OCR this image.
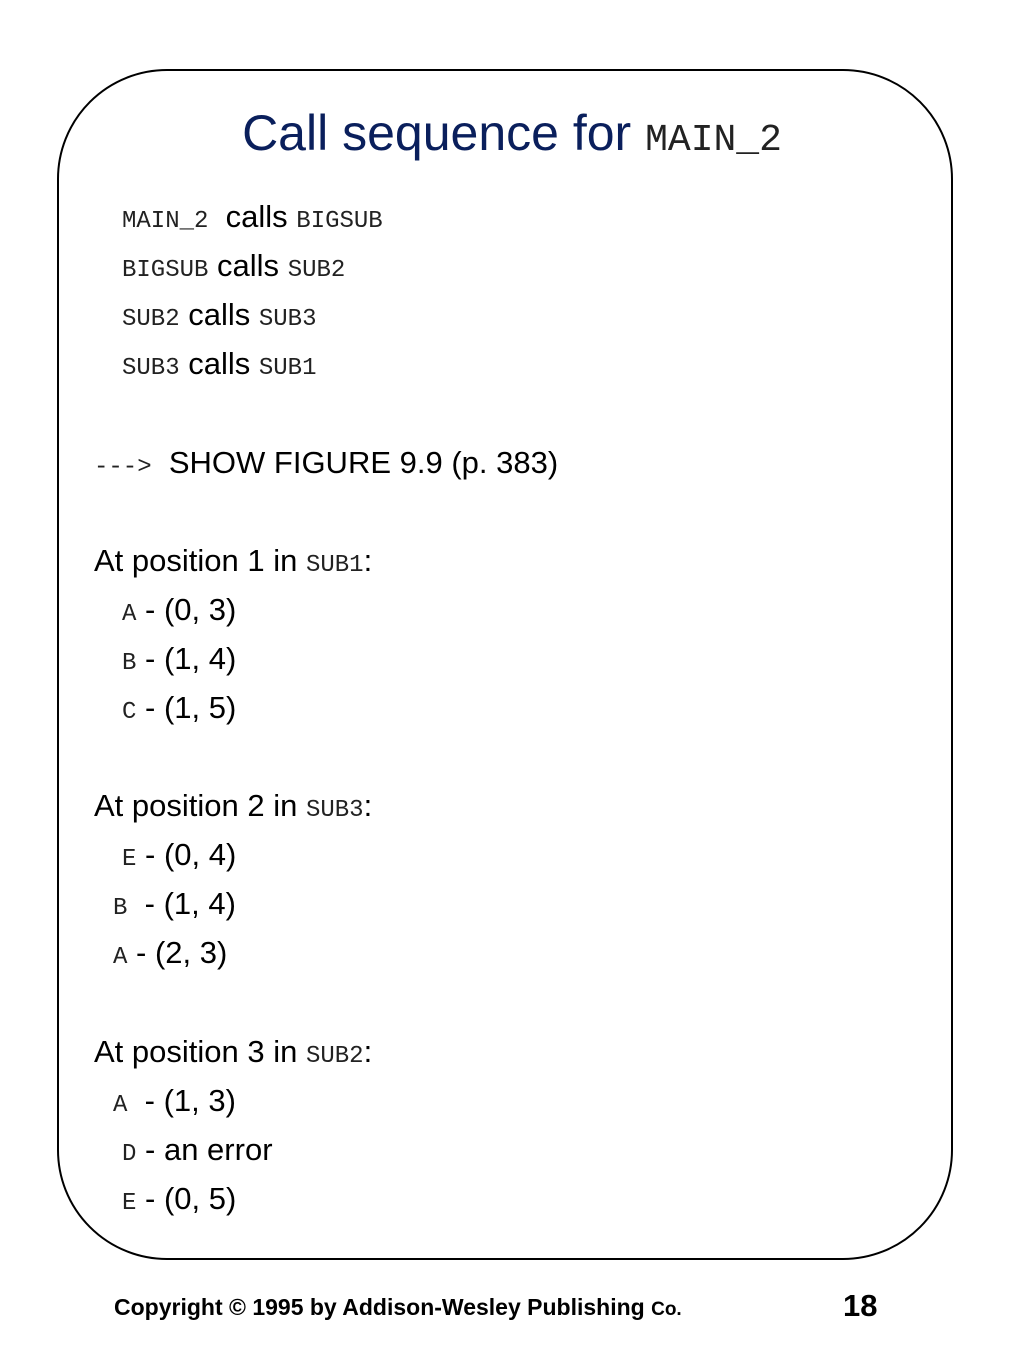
Call sequence for MAIN_2
MAIN_2 calls BIGSUB
BIGSUB calls SUB2
SUB2 calls SUB3
SUB3 calls SUB1
---> SHOW FIGURE 9.9 (p. 383)
At position 1 in SUB1:
A - (0, 3)
B - (1, 4)
C - (1, 5)
At position 2 in SUB3:
E - (0, 4)
B - (1, 4)
A - (2, 3)
At position 3 in SUB2:
A - (1, 3)
D - an error
E - (0, 5)
Copyright © 1995 by Addison-Wesley Publishing Co.	18
